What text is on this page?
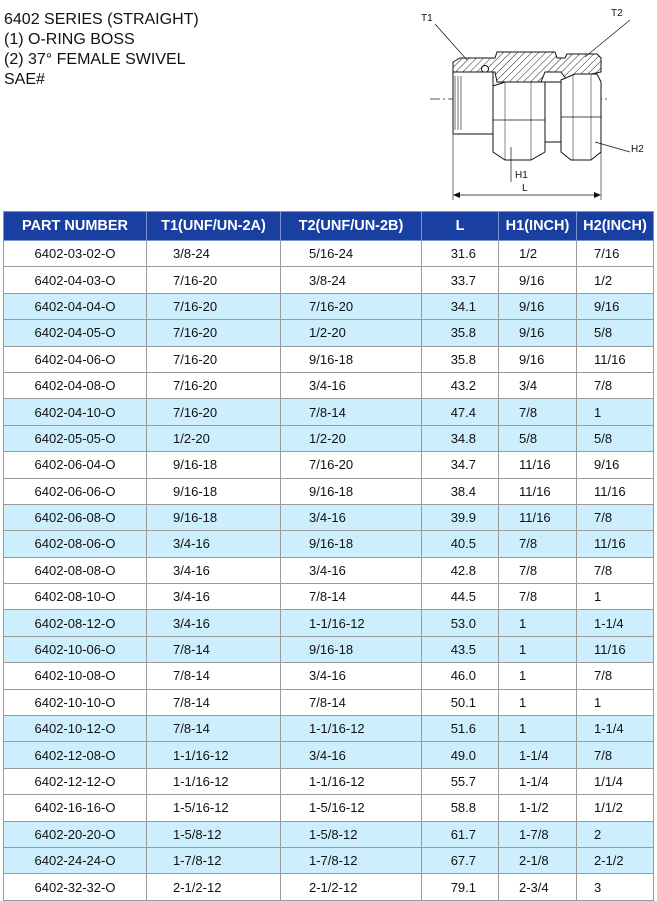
6402 SERIES (STRAIGHT)
(1) O-RING BOSS
(2) 37° FEMALE SWIVEL
SAE#
T1	T2
H1
H2
L
PART NUMBER	T1(UNF/UN-2A)	T2(UNF/UN-2B)	L	H1(INCH)	H2(INCH)
6402-03-02-O	3/8-24	5/16-24	31.6	1/2	7/16
6402-04-03-O	7/16-20	3/8-24	33.7	9/16	1/2
6402-04-04-O	7/16-20	7/16-20	34.1	9/16	9/16
6402-04-05-O	7/16-20	1/2-20	35.8	9/16	5/8
6402-04-06-O	7/16-20	9/16-18	35.8	9/16	11/16
6402-04-08-O	7/16-20	3/4-16	43.2	3/4	7/8
6402-04-10-O	7/16-20	7/8-14	47.4	7/8	1
6402-05-05-O	1/2-20	1/2-20	34.8	5/8	5/8
6402-06-04-O	9/16-18	7/16-20	34.7	11/16	9/16
6402-06-06-O	9/16-18	9/16-18	38.4	11/16	11/16
6402-06-08-O	9/16-18	3/4-16	39.9	11/16	7/8
6402-08-06-O	3/4-16	9/16-18	40.5	7/8	11/16
6402-08-08-O	3/4-16	3/4-16	42.8	7/8	7/8
6402-08-10-O	3/4-16	7/8-14	44.5	7/8	1
6402-08-12-O	3/4-16	1-1/16-12	53.0	1	1-1/4
6402-10-06-O	7/8-14	9/16-18	43.5	1	11/16
6402-10-08-O	7/8-14	3/4-16	46.0	1	7/8
6402-10-10-O	7/8-14	7/8-14	50.1	1	1
6402-10-12-O	7/8-14	1-1/16-12	51.6	1	1-1/4
6402-12-08-O	1-1/16-12	3/4-16	49.0	1-1/4	7/8
6402-12-12-O	1-1/16-12	1-1/16-12	55.7	1-1/4	1/1/4
6402-16-16-O	1-5/16-12	1-5/16-12	58.8	1-1/2	1/1/2
6402-20-20-O	1-5/8-12	1-5/8-12	61.7	1-7/8	2
6402-24-24-O	1-7/8-12	1-7/8-12	67.7	2-1/8	2-1/2
6402-32-32-O	2-1/2-12	2-1/2-12	79.1	2-3/4	3
